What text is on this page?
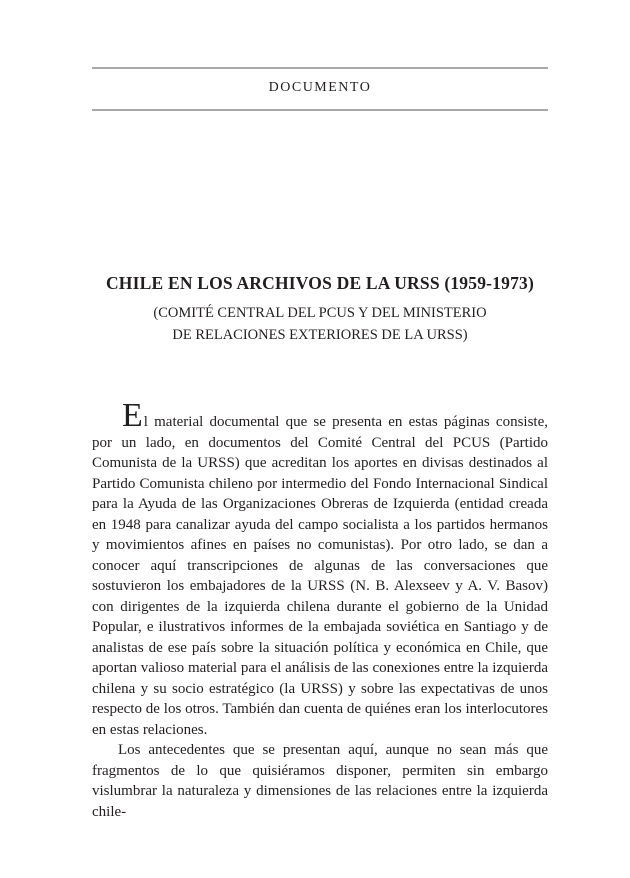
DOCUMENTO
CHILE EN LOS ARCHIVOS DE LA URSS (1959-1973)
(COMITÉ CENTRAL DEL PCUS Y DEL MINISTERIO
DE RELACIONES EXTERIORES DE LA URSS)

El material documental que se presenta en estas páginas consiste, por un lado, en documentos del Comité Central del PCUS (Partido Comunista de la URSS) que acreditan los aportes en divisas destinados al Partido Comunista chileno por intermedio del Fondo Internacional Sindical para la Ayuda de las Organizaciones Obreras de Izquierda (entidad creada en 1948 para canalizar ayuda del campo socialista a los partidos hermanos y movimientos afines en países no comunistas). Por otro lado, se dan a conocer aquí transcripciones de algunas de las conversaciones que sostuvieron los embajadores de la URSS (N. B. Alexseev y A. V. Basov) con dirigentes de la izquierda chilena durante el gobierno de la Unidad Popular, e ilustrativos informes de la embajada soviética en Santiago y de analistas de ese país sobre la situación política y económica en Chile, que aportan valioso material para el análisis de las conexiones entre la izquierda chilena y su socio estratégico (la URSS) y sobre las expectativas de unos respecto de los otros. También dan cuenta de quiénes eran los interlocutores en estas relaciones.

Los antecedentes que se presentan aquí, aunque no sean más que fragmentos de lo que quisiéramos disponer, permiten sin embargo vislumbrar la naturaleza y dimensiones de las relaciones entre la izquierda chile-
